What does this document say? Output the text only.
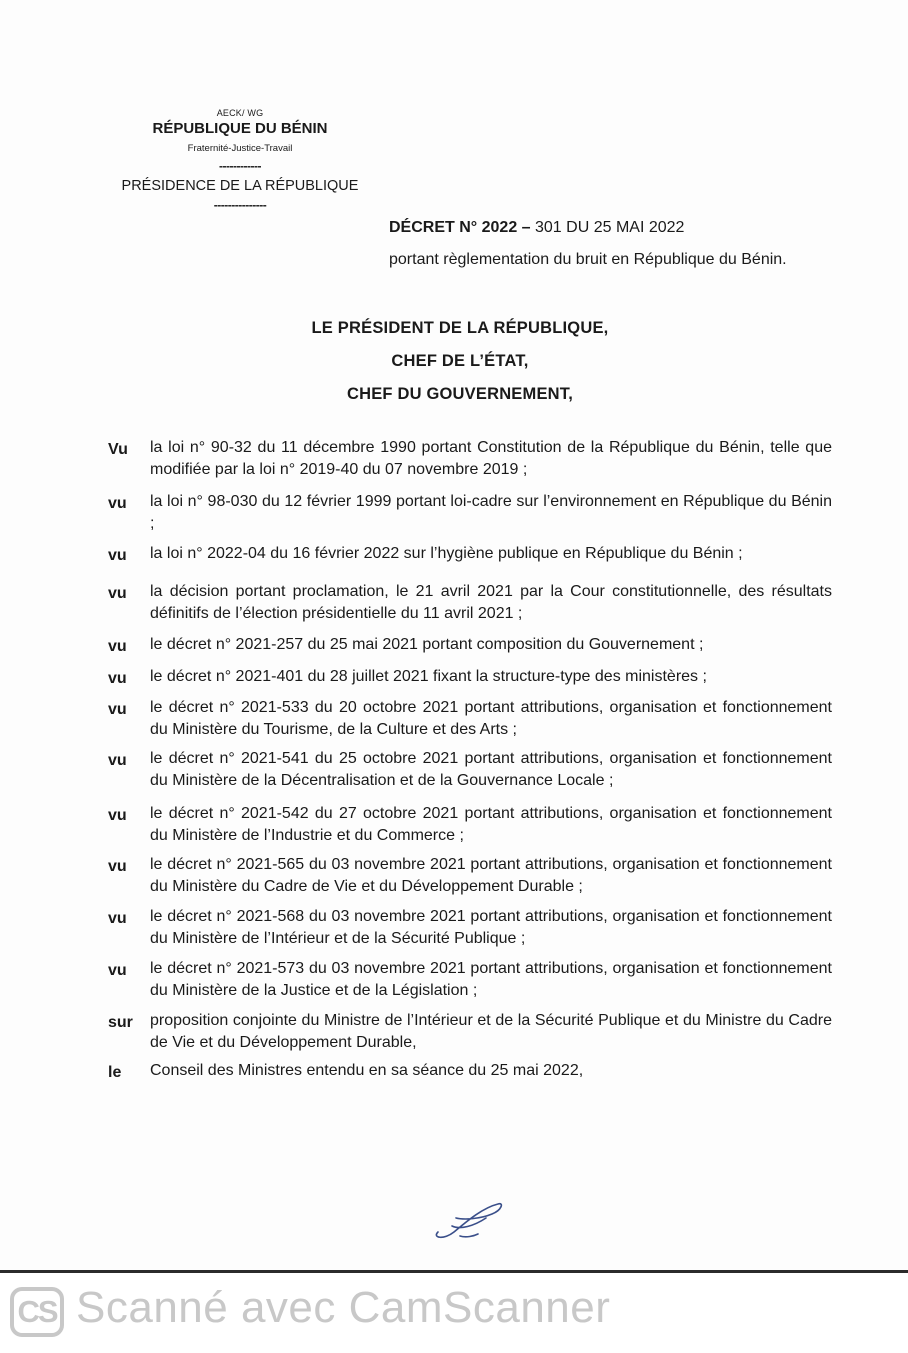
AECK/ WG
RÉPUBLIQUE DU BÉNIN
Fraternité-Justice-Travail
------------
PRÉSIDENCE DE LA RÉPUBLIQUE
---------------
DÉCRET N° 2022 – 301 DU 25 MAI 2022
portant règlementation du bruit en République du Bénin.
LE PRÉSIDENT DE LA RÉPUBLIQUE,
CHEF DE L’ÉTAT,
CHEF DU GOUVERNEMENT,
Vu	la loi n° 90-32 du 11 décembre 1990 portant Constitution de la République du Bénin, telle que modifiée par la loi n° 2019-40 du 07 novembre 2019 ;
vu	la loi n° 98-030 du 12 février 1999 portant loi-cadre sur l’environnement en République du Bénin ;
vu	la loi n° 2022-04 du 16 février 2022 sur l’hygiène publique en République du Bénin ;
vu	la décision portant proclamation, le 21 avril 2021 par la Cour constitutionnelle, des résultats définitifs de l’élection présidentielle du 11 avril 2021 ;
vu	le décret n° 2021-257 du 25 mai 2021 portant composition du Gouvernement ;
vu	le décret n° 2021-401 du 28 juillet 2021 fixant la structure-type des ministères ;
vu	le décret n° 2021-533 du 20 octobre 2021 portant attributions, organisation et fonctionnement du Ministère du Tourisme, de la Culture et des Arts ;
vu	le décret n° 2021-541 du 25 octobre 2021 portant attributions, organisation et fonctionnement du Ministère de la Décentralisation et de la Gouvernance Locale ;
vu	le décret n° 2021-542 du 27 octobre 2021 portant attributions, organisation et fonctionnement du Ministère de l’Industrie et du Commerce ;
vu	le décret n° 2021-565 du 03 novembre 2021 portant attributions, organisation et fonctionnement du Ministère du Cadre de Vie et du Développement Durable ;
vu	le décret n° 2021-568 du 03 novembre 2021 portant attributions, organisation et fonctionnement du Ministère de l’Intérieur et de la Sécurité Publique ;
vu	le décret n° 2021-573 du 03 novembre 2021 portant attributions, organisation et fonctionnement du Ministère de la Justice et de la Législation ;
sur	proposition conjointe du Ministre de l’Intérieur et de la Sécurité Publique et du Ministre du Cadre de Vie et du Développement Durable,
le	Conseil des Ministres entendu en sa séance du 25 mai 2022,
CS Scanné avec CamScanner
